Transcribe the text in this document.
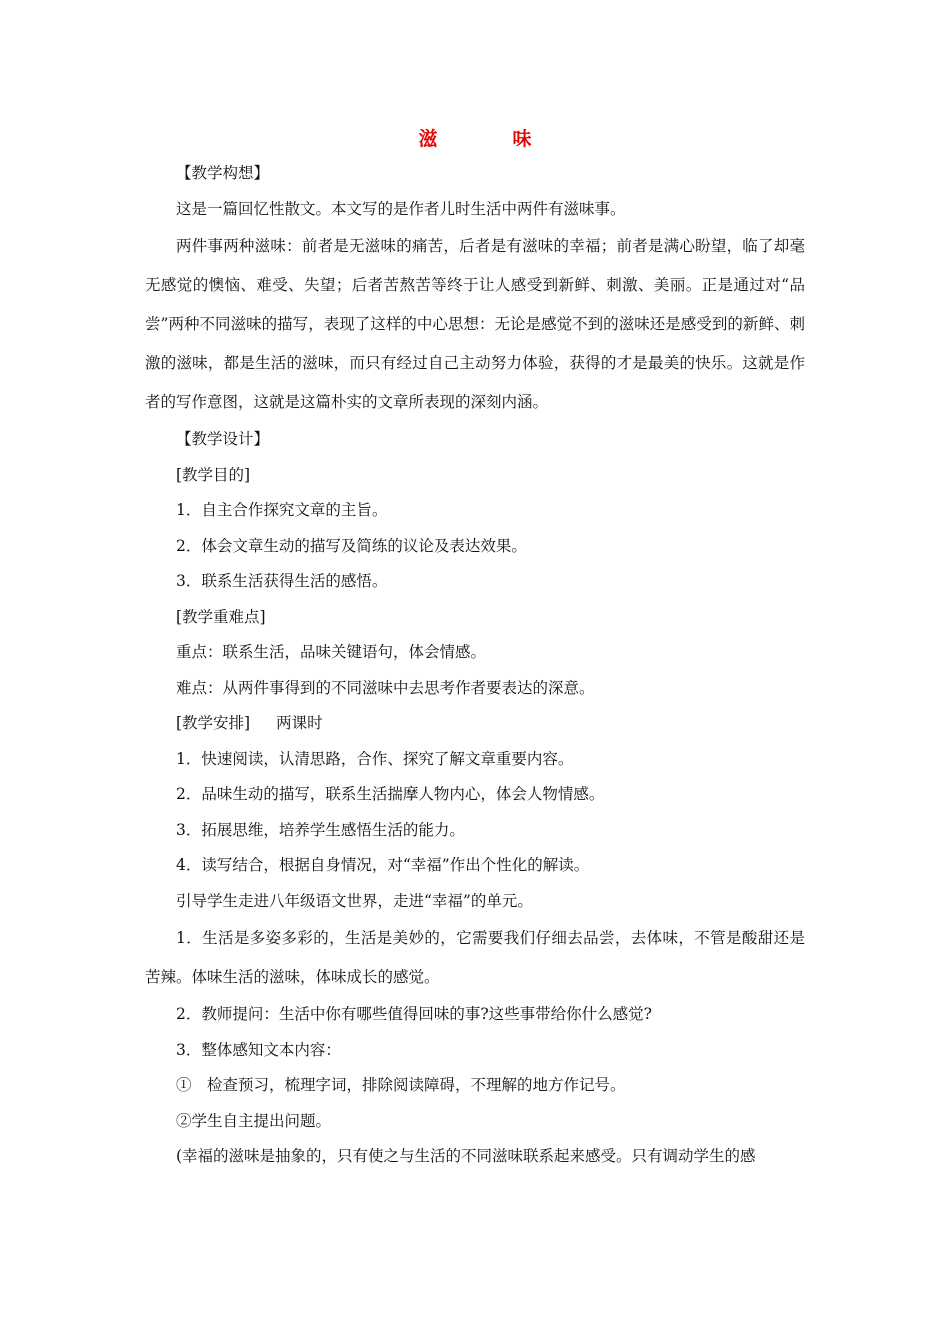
滋　味
【教学构想】
这是一篇回忆性散文。本文写的是作者儿时生活中两件有滋味事。

两件事两种滋味：前者是无滋味的痛苦，后者是有滋味的幸福；前者是满心盼望，临了却毫无感觉的懊恼、难受、失望；后者苦熬苦等终于让人感受到新鲜、刺激、美丽。正是通过对“品尝”两种不同滋味的描写，表现了这样的中心思想：无论是感觉不到的滋味还是感受到的新鲜、刺激的滋味，都是生活的滋味，而只有经过自己主动努力体验，获得的才是最美的快乐。这就是作者的写作意图，这就是这篇朴实的文章所表现的深刻内涵。

【教学设计】
[教学目的]
1．自主合作探究文章的主旨。
2．体会文章生动的描写及简练的议论及表达效果。
3．联系生活获得生活的感悟。
[教学重难点]
重点：联系生活，品味关键语句，体会情感。
难点：从两件事得到的不同滋味中去思考作者要表达的深意。
[教学安排] 两课时
1．快速阅读，认清思路，合作、探究了解文章重要内容。
2．品味生动的描写，联系生活揣摩人物内心，体会人物情感。
3．拓展思维，培养学生感悟生活的能力。
4．读写结合，根据自身情况，对“幸福”作出个性化的解读。
引导学生走进八年级语文世界，走进“幸福”的单元。

1．生活是多姿多彩的，生活是美妙的，它需要我们仔细去品尝，去体味，不管是酸甜还是苦辣。体味生活的滋味，体味成长的感觉。

2．教师提问：生活中你有哪些值得回味的事?这些事带给你什么感觉?
3．整体感知文本内容：
①　检查预习，梳理字词，排除阅读障碍，不理解的地方作记号。
②学生自主提出问题。
(幸福的滋味是抽象的，只有使之与生活的不同滋味联系起来感受。只有调动学生的感
